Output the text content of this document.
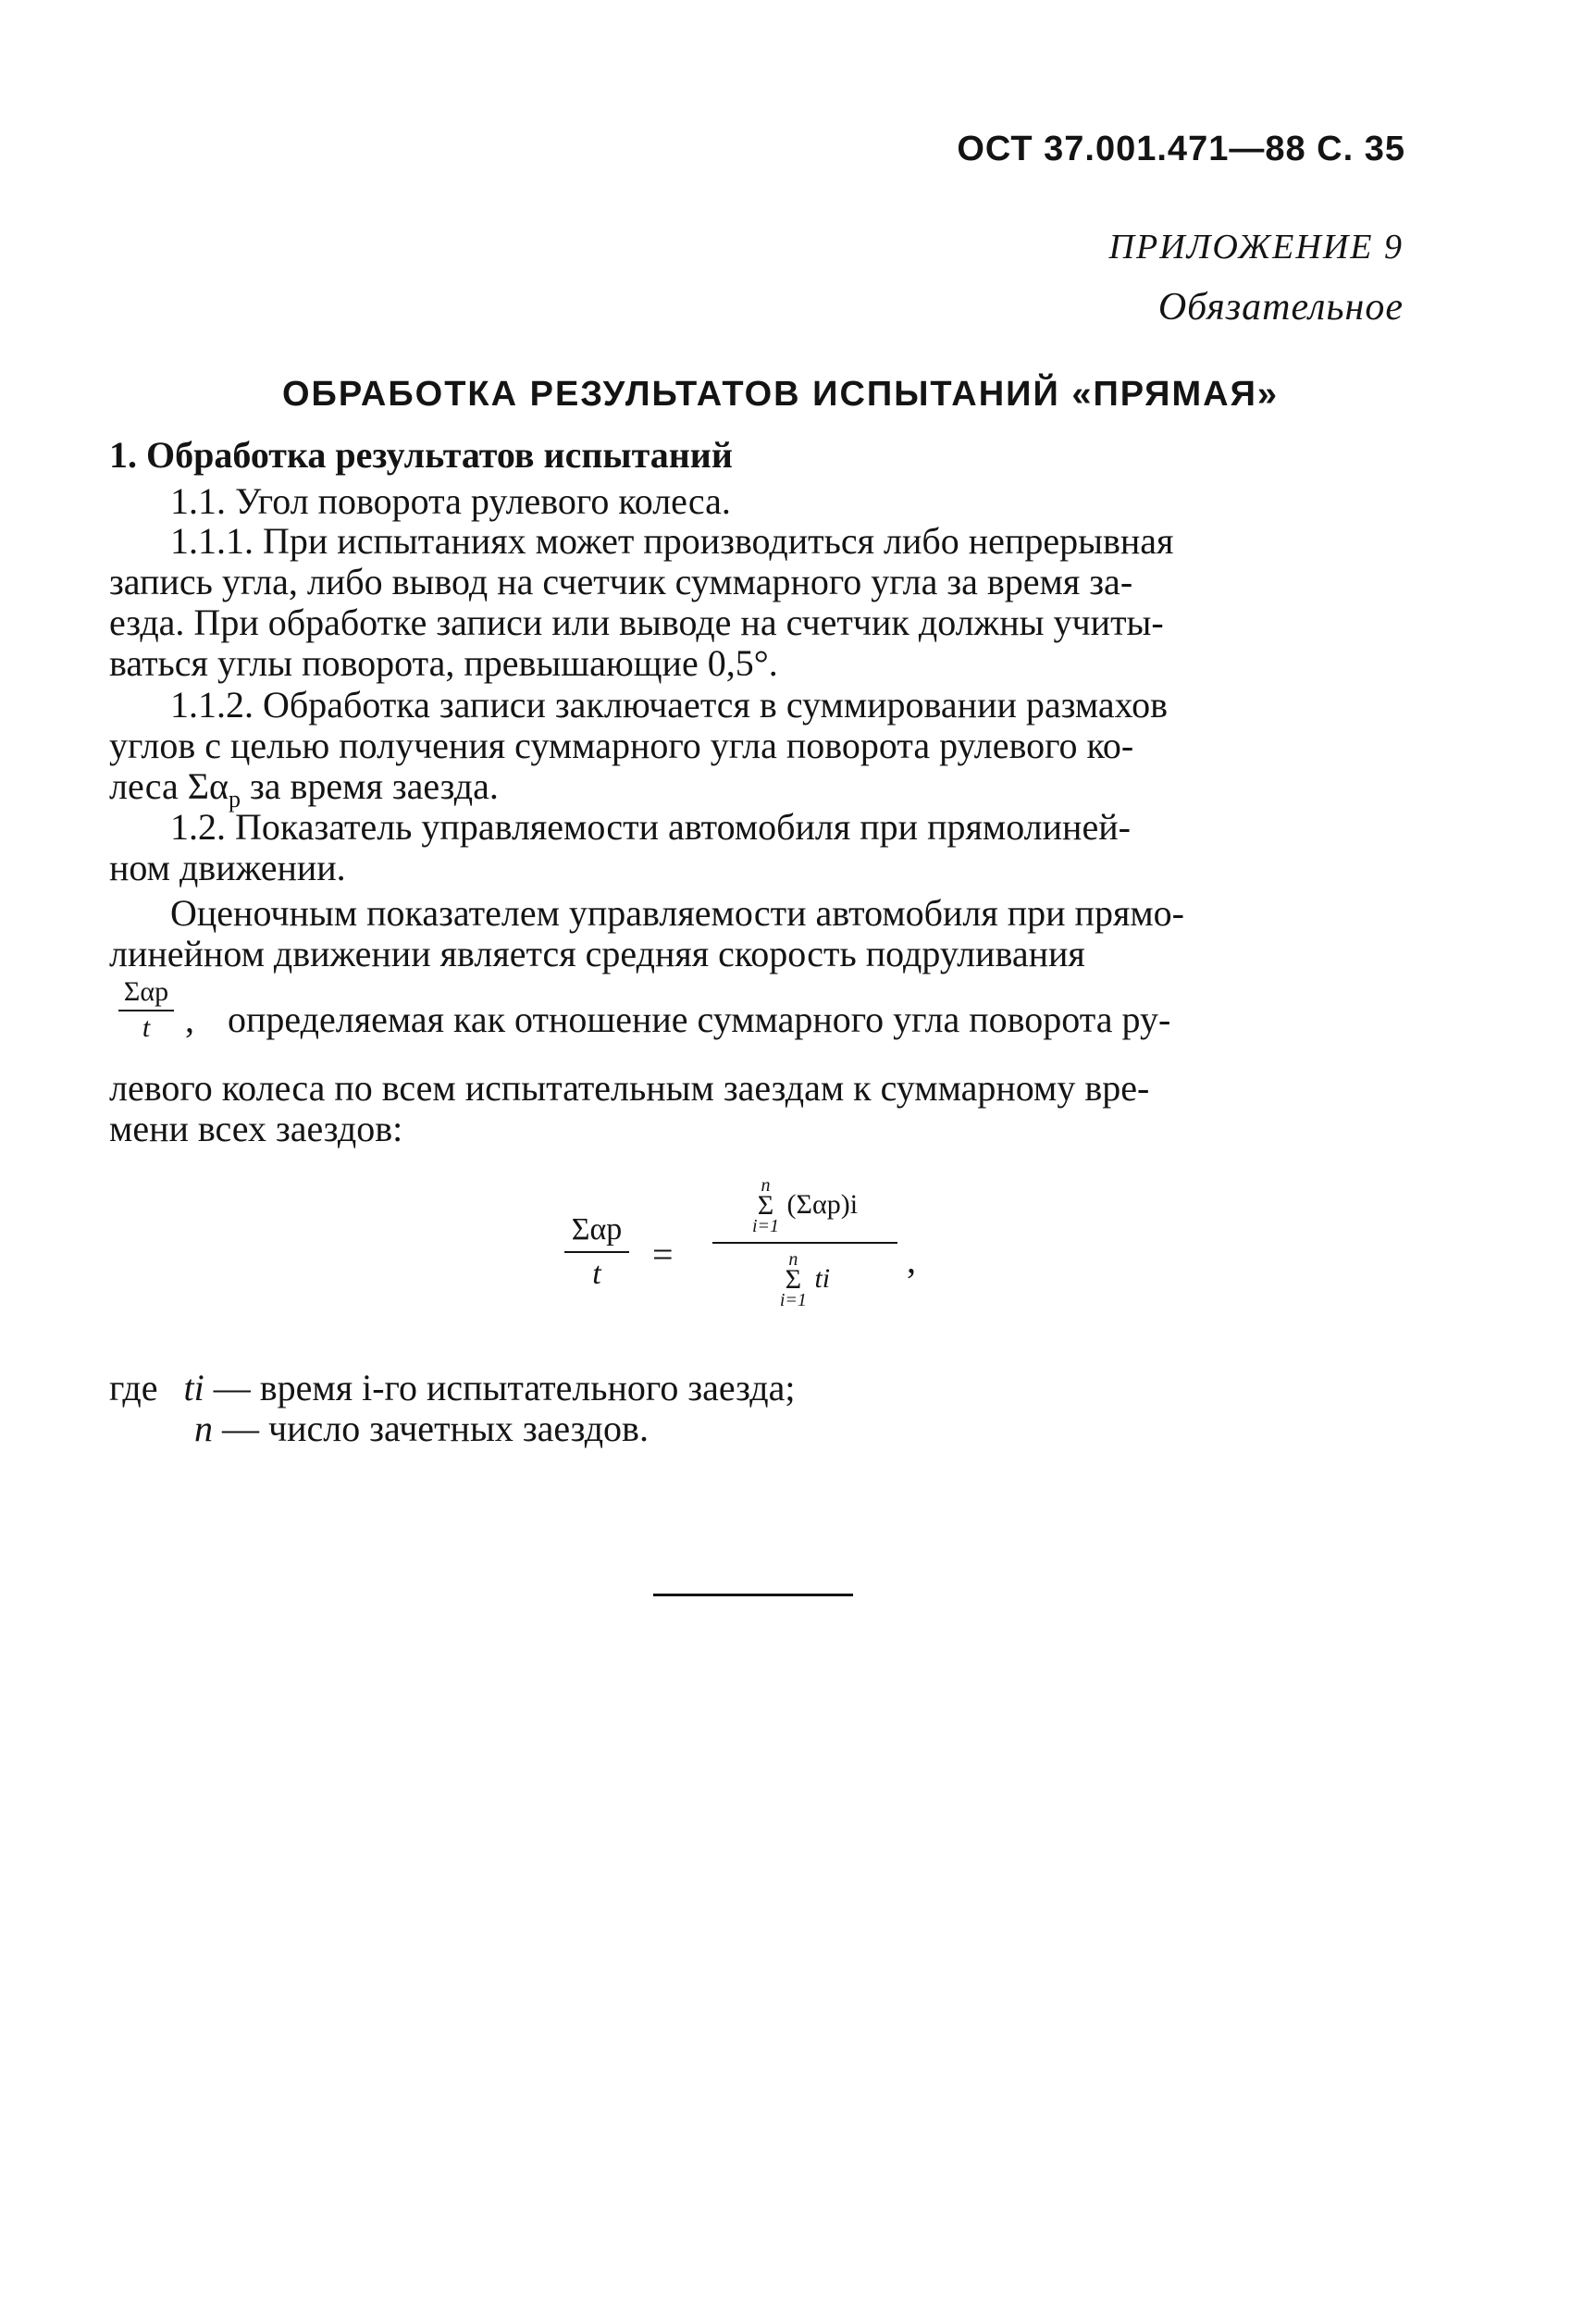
ОСТ 37.001.471—88 С. 35
ПРИЛОЖЕНИЕ 9
Обязательное
ОБРАБОТКА РЕЗУЛЬТАТОВ ИСПЫТАНИЙ «ПРЯМАЯ»
1. Обработка результатов испытаний
1.1. Угол поворота рулевого колеса.
1.1.1. При испытаниях может производиться либо непрерывная
запись угла, либо вывод на счетчик суммарного угла за время за-
езда. При обработке записи или выводе на счетчик должны учиты-
ваться углы поворота, превышающие 0,5°.
1.1.2. Обработка записи заключается в суммировании размахов
углов с целью получения суммарного угла поворота рулевого ко-
леса $\Sigma\alpha_р$ за время заезда.
1.2. Показатель управляемости автомобиля при прямолиней-
ном движении.
Оценочным показателем управляемости автомобиля при прямо-
линейном движении является средняя скорость подруливания
Σαр
t , определяемая как отношение суммарного угла поворота ру-
левого колеса по всем испытательным заездам к суммарному вре-
мени всех заездов:
Σαр
t	=
n
Σ
i=1
(Σαр)i
n
Σ
i=1
ti	,
где ti — время i-го испытательного заезда;
n — число зачетных заездов.
